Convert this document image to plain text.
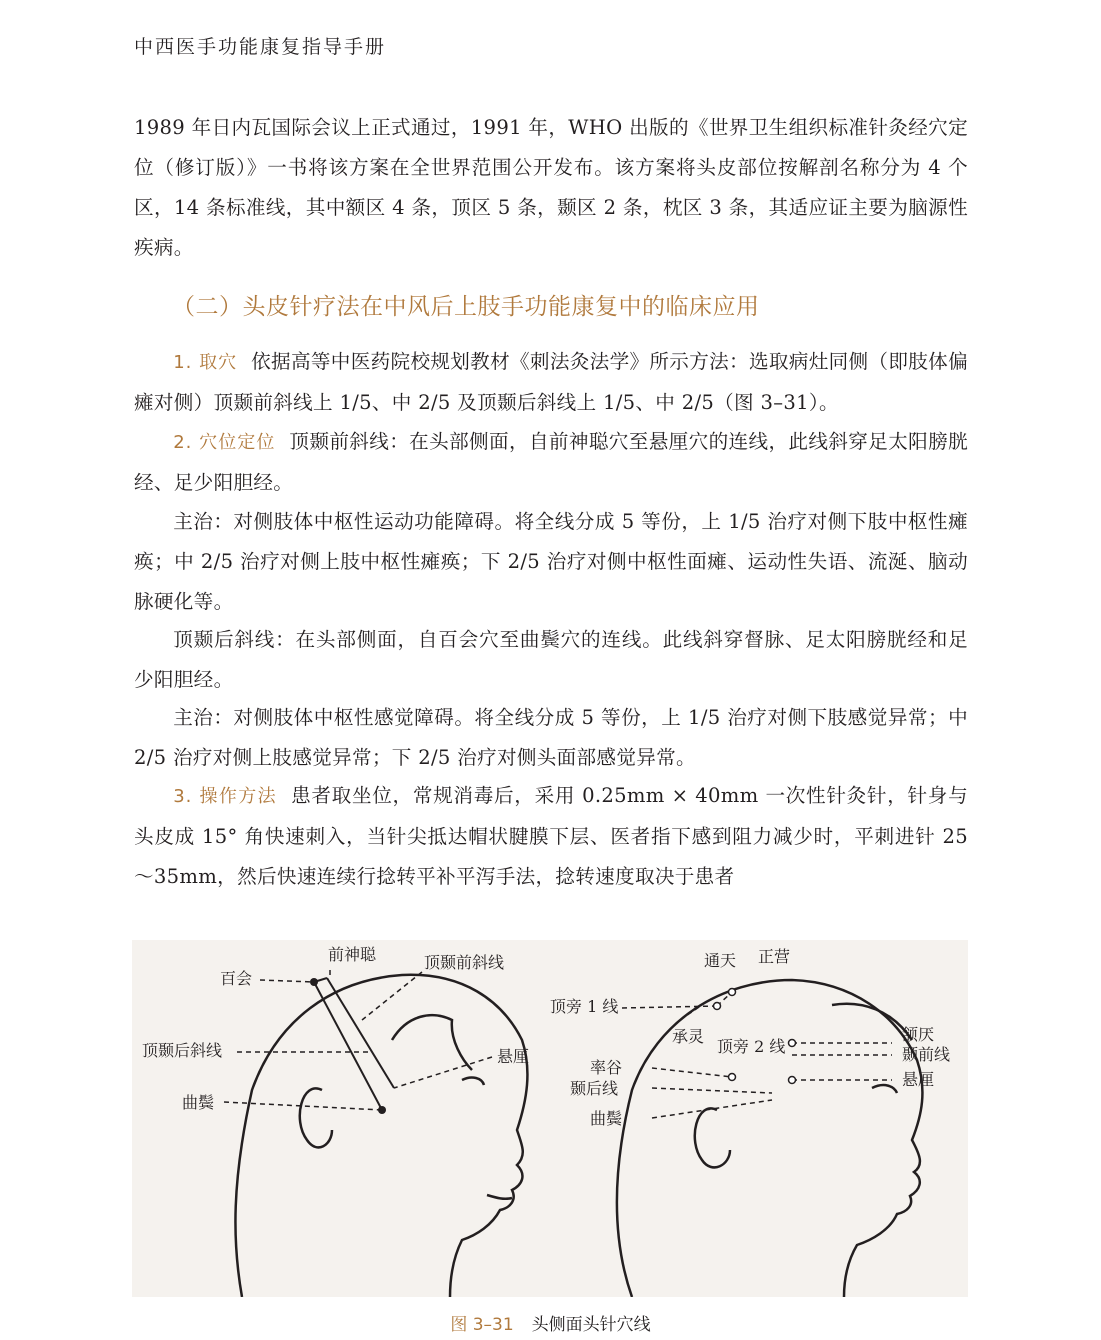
中西医手功能康复指导手册

1989 年日内瓦国际会议上正式通过，1991 年，WHO 出版的《世界卫生组织标准针灸经穴定位（修订版）》一书将该方案在全世界范围公开发布。该方案将头皮部位按解剖名称分为 4 个区，14 条标准线，其中额区 4 条，顶区 5 条，颞区 2 条，枕区 3 条，其适应证主要为脑源性疾病。

（二）头皮针疗法在中风后上肢手功能康复中的临床应用

1. 取穴 依据高等中医药院校规划教材《刺法灸法学》所示方法：选取病灶同侧（即肢体偏瘫对侧）顶颞前斜线上 1/5、中 2/5 及顶颞后斜线上 1/5、中 2/5（图 3–31）。

2. 穴位定位 顶颞前斜线：在头部侧面，自前神聪穴至悬厘穴的连线，此线斜穿足太阳膀胱经、足少阳胆经。

主治：对侧肢体中枢性运动功能障碍。将全线分成 5 等份，上 1/5 治疗对侧下肢中枢性瘫痪；中 2/5 治疗对侧上肢中枢性瘫痪；下 2/5 治疗对侧中枢性面瘫、运动性失语、流涎、脑动脉硬化等。

顶颞后斜线：在头部侧面，自百会穴至曲鬓穴的连线。此线斜穿督脉、足太阳膀胱经和足少阳胆经。

主治：对侧肢体中枢性感觉障碍。将全线分成 5 等份，上 1/5 治疗对侧下肢感觉异常；中 2/5 治疗对侧上肢感觉异常；下 2/5 治疗对侧头面部感觉异常。

3. 操作方法 患者取坐位，常规消毒后，采用 0.25mm × 40mm 一次性针灸针，针身与头皮成 15° 角快速刺入，当针尖抵达帽状腱膜下层、医者指下感到阻力减少时，平刺进针 25～35mm，然后快速连续行捻转平补平泻手法，捻转速度取决于患者

前神聪
百会
顶颞前斜线
顶颞后斜线	悬厘
曲鬓
通天 正营
顶旁 1 线
承灵
顶旁 2 线
颔厌
颞前线
悬厘
率谷
颞后线
曲鬓
图 3–31 头侧面头针穴线
